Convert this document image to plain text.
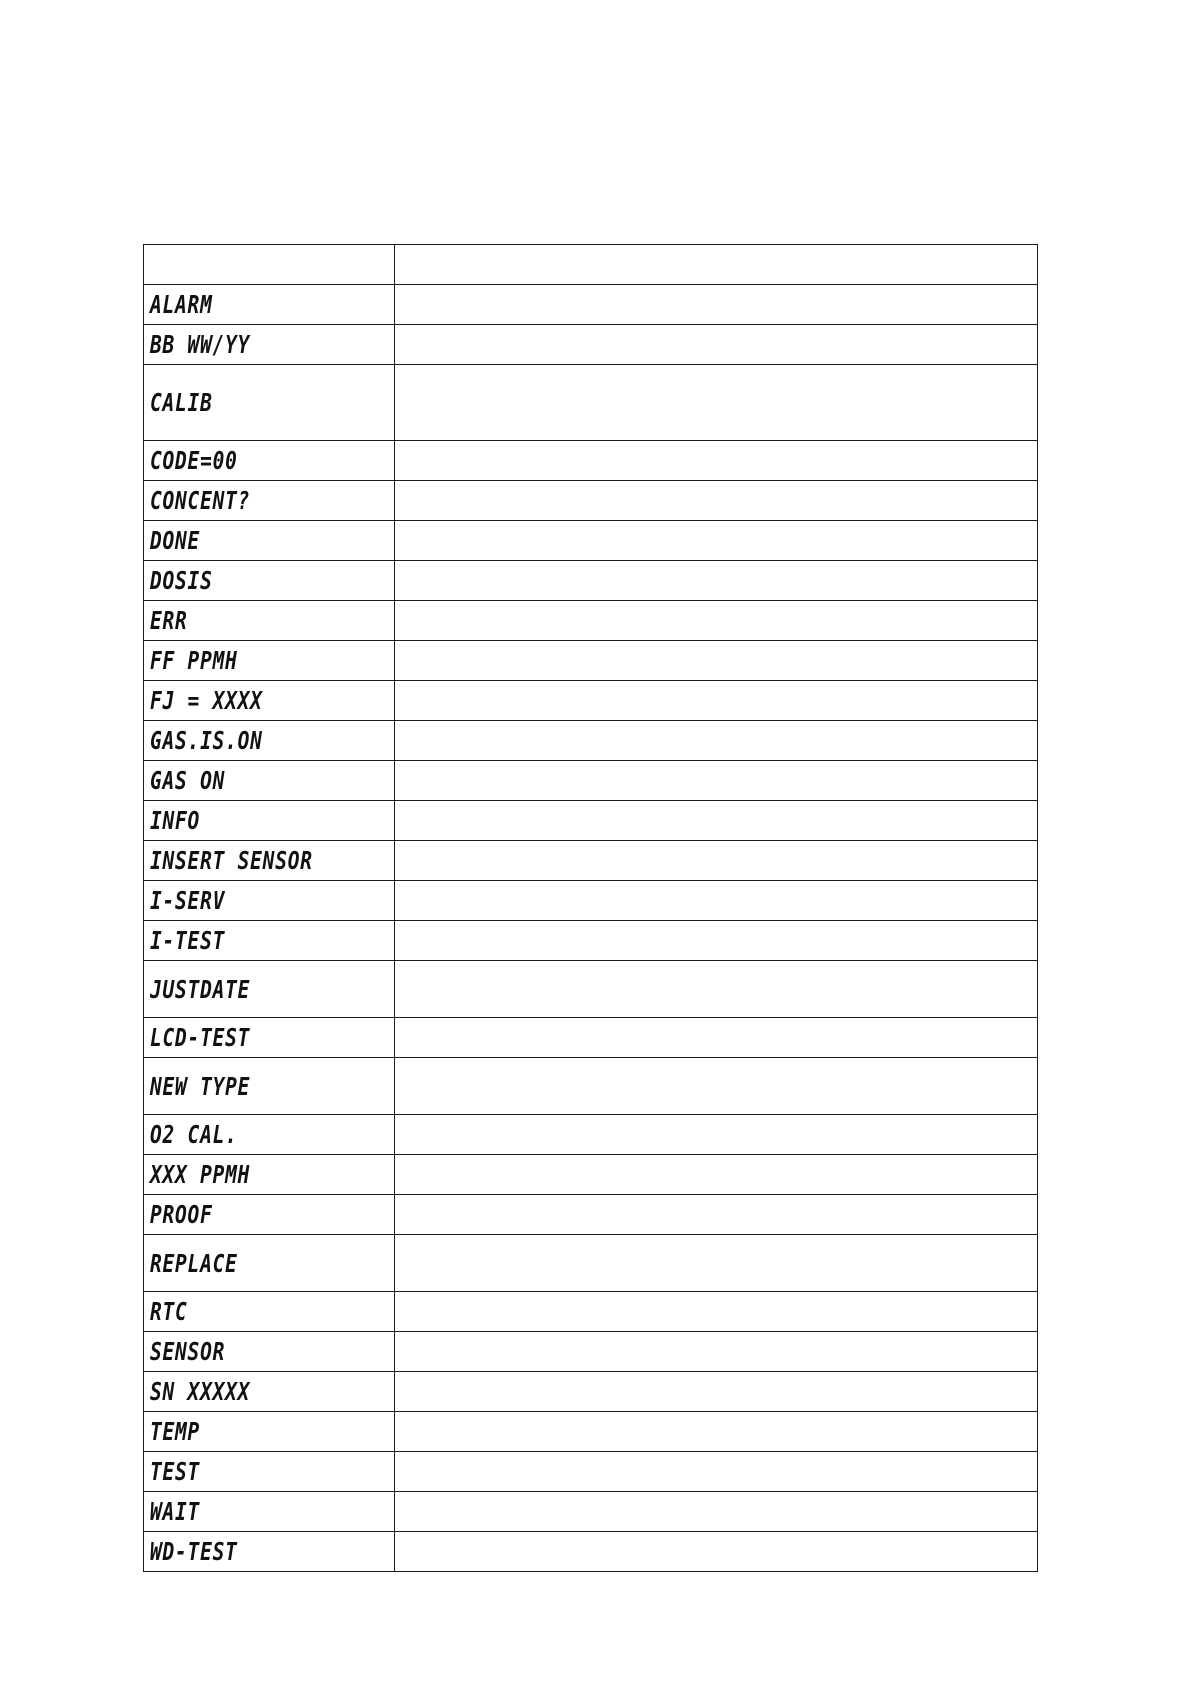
ALARM	
BB WW/YY	
CALIB	
CODE=00	
CONCENT?	
DONE	
DOSIS	
ERR	
FF PPMH	
FJ = XXXX	
GAS.IS.ON	
GAS ON	
INFO	
INSERT SENSOR	
I-SERV	
I-TEST	
JUSTDATE	
LCD-TEST	
NEW TYPE	
O2 CAL.	
XXX PPMH	
PROOF	
REPLACE	
RTC	
SENSOR	
SN XXXXX	
TEMP	
TEST	
WAIT	
WD-TEST	
